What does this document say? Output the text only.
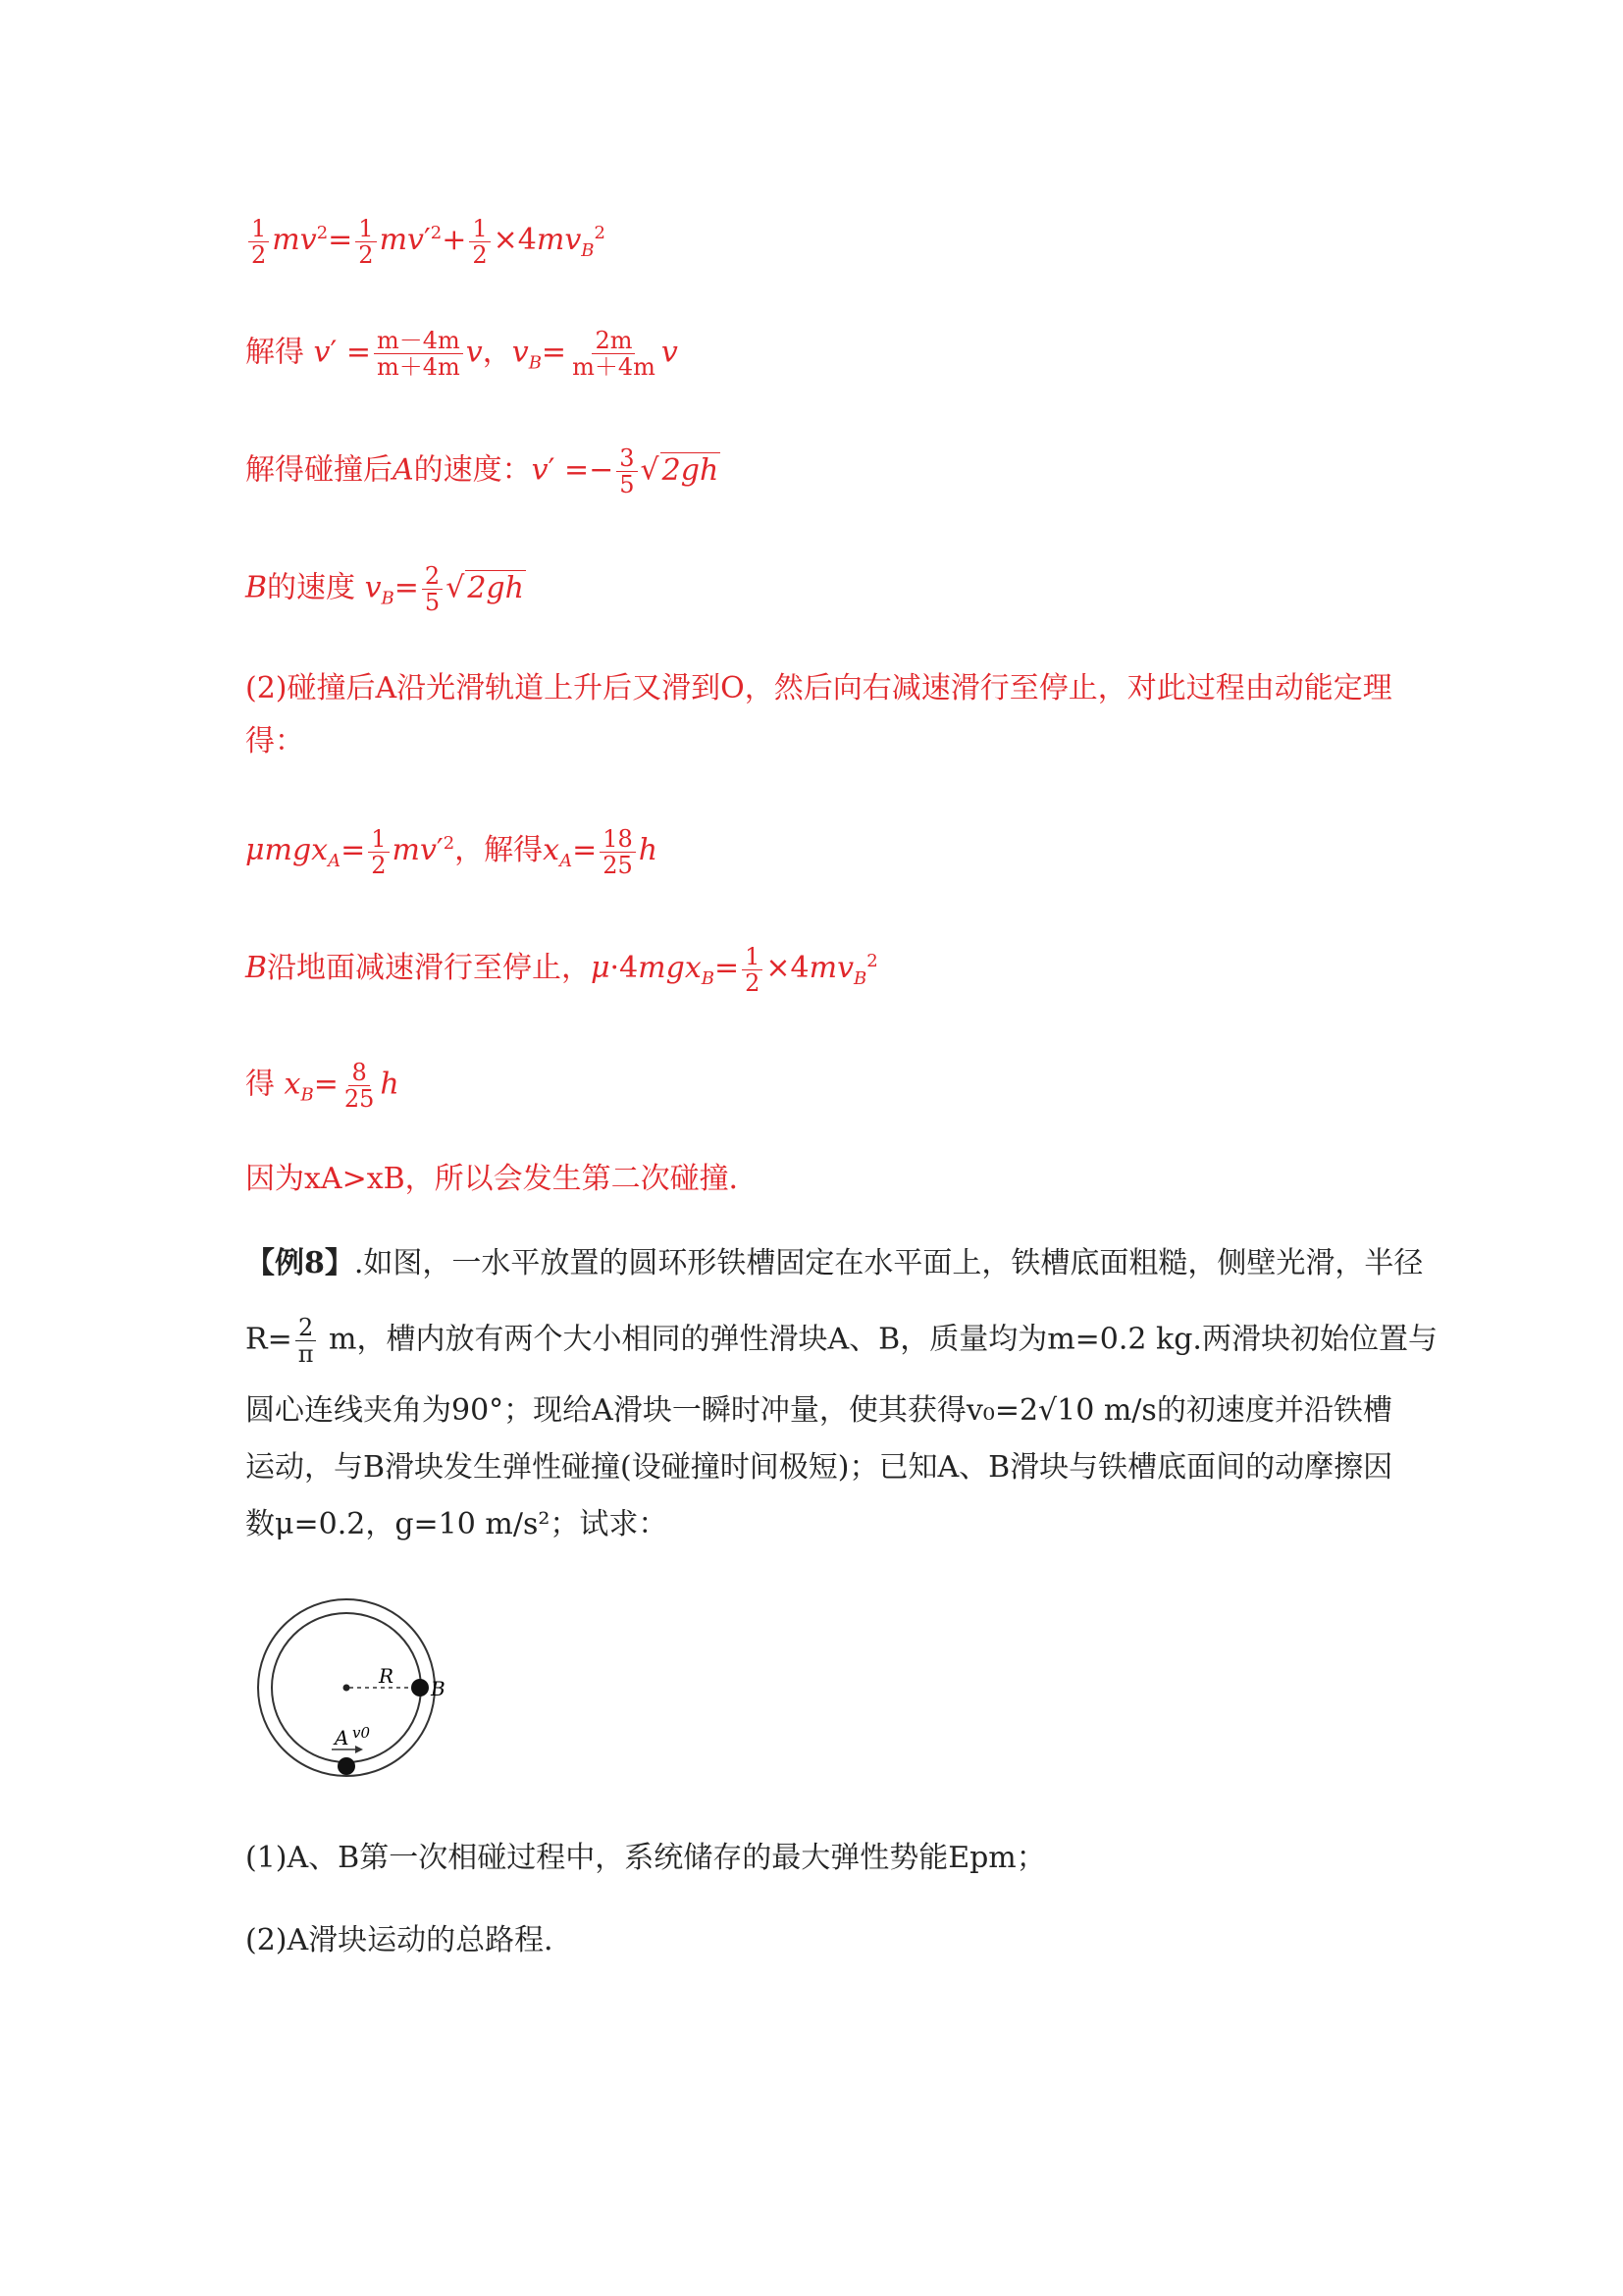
$\frac{1}{2} mv^2= \frac{1}{2} mv'^2+ \frac{1}{2} \times 4mv_B^2$
解得 $v' = \frac{m-4m}{m+4m}$ v，$v_B= \frac{2m}{m+4m}$ v
解得碰撞后A的速度：$v' =- \frac{3}{5}$ √ 2gh
B的速度 $v_B= \frac{2}{5}$ √ 2gh
(2)碰撞后A沿光滑轨道上升后又滑到O，然后向右减速滑行至停止，对此过程由动能定理
得：
$\mu mgx_A= \frac{1}{2} mv'^2$，解得$x_A= \frac{18}{25}$ h
B沿地面减速滑行至停止，$\mu\cdot 4mgx_B= \frac{1}{2} \times 4mv_B^2$
得 $x_B= \frac{8}{25}$ h
因为xA>xB，所以会发生第二次碰撞．
【例8】.如图，一水平放置的圆环形铁槽固定在水平面上，铁槽底面粗糙，侧壁光滑，半径
$R= \frac{2}{\pi}$ m，槽内放有两个大小相同的弹性滑块A、B，质量均为m=0.2 kg.两滑块初始位置与
圆心连线夹角为90°；现给A滑块一瞬时冲量，使其获得v₀=2√10 m/s的初速度并沿铁槽
运动，与B滑块发生弹性碰撞(设碰撞时间极短)；已知A、B滑块与铁槽底面间的动摩擦因
数μ=0.2，g=10 m/s²；试求：
R
B
A v0
(1)A、B第一次相碰过程中，系统储存的最大弹性势能Epm；
(2)A滑块运动的总路程．
